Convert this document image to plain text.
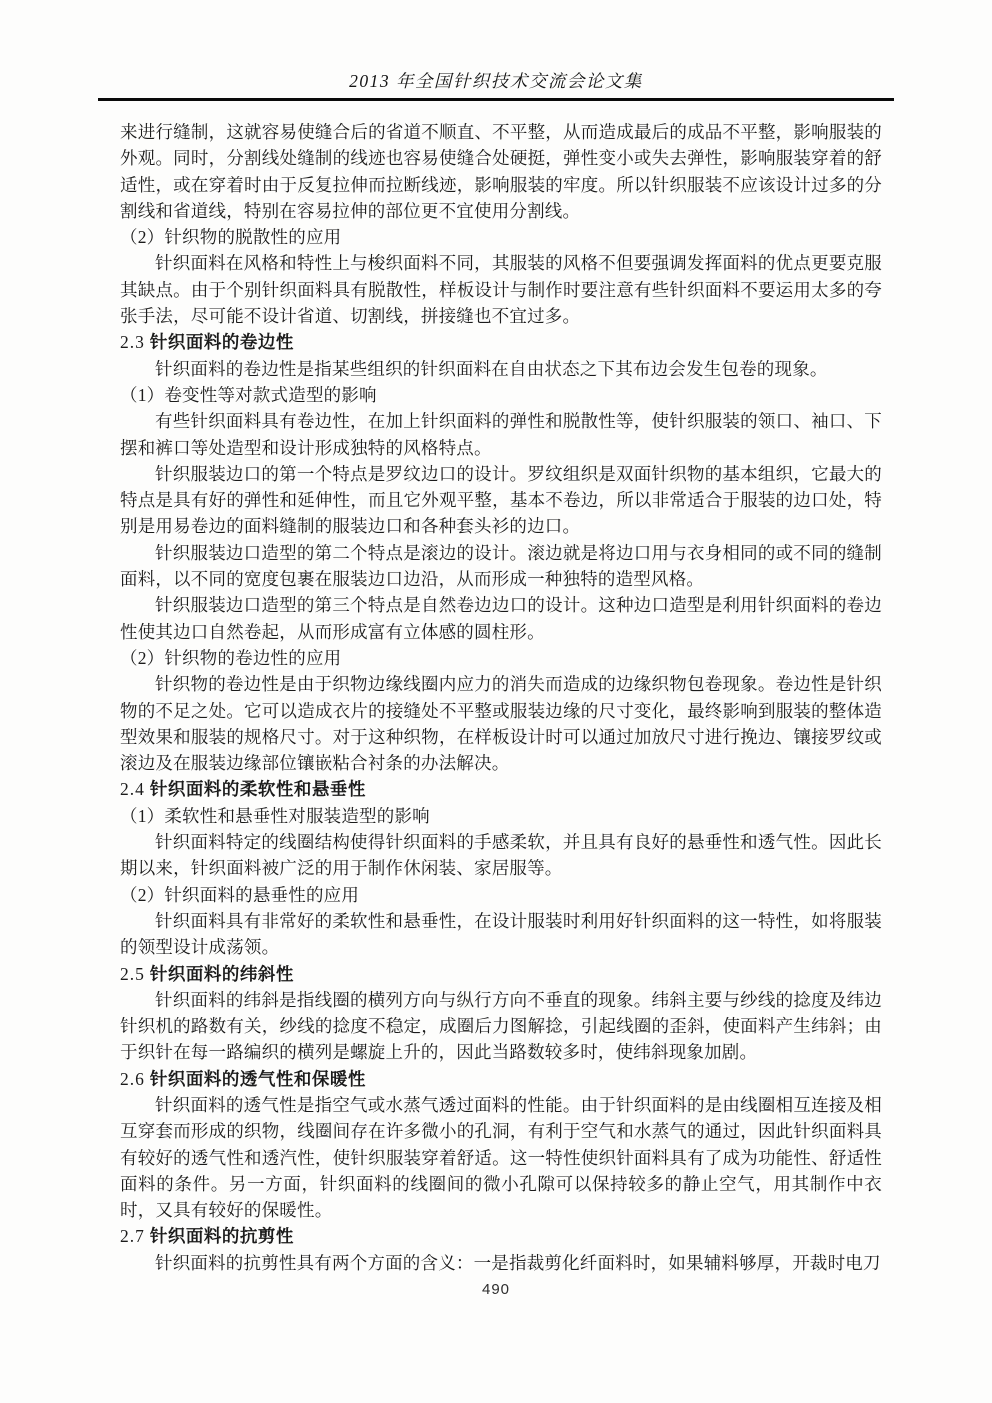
2013 年全国针织技术交流会论文集

来进行缝制，这就容易使缝合后的省道不顺直、不平整，从而造成最后的成品不平整，影响服装的外观。同时，分割线处缝制的线迹也容易使缝合处硬挺，弹性变小或失去弹性，影响服装穿着的舒适性，或在穿着时由于反复拉伸而拉断线迹，影响服装的牢度。所以针织服装不应该设计过多的分割线和省道线，特别在容易拉伸的部位更不宜使用分割线。

（2）针织物的脱散性的应用

针织面料在风格和特性上与梭织面料不同，其服装的风格不但要强调发挥面料的优点更要克服其缺点。由于个别针织面料具有脱散性，样板设计与制作时要注意有些针织面料不要运用太多的夸张手法，尽可能不设计省道、切割线，拼接缝也不宜过多。

2.3 针织面料的卷边性

针织面料的卷边性是指某些组织的针织面料在自由状态之下其布边会发生包卷的现象。

（1）卷变性等对款式造型的影响

有些针织面料具有卷边性，在加上针织面料的弹性和脱散性等，使针织服装的领口、袖口、下摆和裤口等处造型和设计形成独特的风格特点。

针织服装边口的第一个特点是罗纹边口的设计。罗纹组织是双面针织物的基本组织，它最大的特点是具有好的弹性和延伸性，而且它外观平整，基本不卷边，所以非常适合于服装的边口处，特别是用易卷边的面料缝制的服装边口和各种套头衫的边口。

针织服装边口造型的第二个特点是滚边的设计。滚边就是将边口用与衣身相同的或不同的缝制面料，以不同的宽度包裹在服装边口边沿，从而形成一种独特的造型风格。

针织服装边口造型的第三个特点是自然卷边边口的设计。这种边口造型是利用针织面料的卷边性使其边口自然卷起，从而形成富有立体感的圆柱形。

（2）针织物的卷边性的应用

针织物的卷边性是由于织物边缘线圈内应力的消失而造成的边缘织物包卷现象。卷边性是针织物的不足之处。它可以造成衣片的接缝处不平整或服装边缘的尺寸变化，最终影响到服装的整体造型效果和服装的规格尺寸。对于这种织物，在样板设计时可以通过加放尺寸进行挽边、镶接罗纹或滚边及在服装边缘部位镶嵌粘合衬条的办法解决。

2.4 针织面料的柔软性和悬垂性

（1）柔软性和悬垂性对服装造型的影响

针织面料特定的线圈结构使得针织面料的手感柔软，并且具有良好的悬垂性和透气性。因此长期以来，针织面料被广泛的用于制作休闲装、家居服等。

（2）针织面料的悬垂性的应用

针织面料具有非常好的柔软性和悬垂性，在设计服装时利用好针织面料的这一特性，如将服装的领型设计成荡领。

2.5 针织面料的纬斜性

针织面料的纬斜是指线圈的横列方向与纵行方向不垂直的现象。纬斜主要与纱线的捻度及纬边针织机的路数有关，纱线的捻度不稳定，成圈后力图解捻，引起线圈的歪斜，使面料产生纬斜；由于织针在每一路编织的横列是螺旋上升的，因此当路数较多时，使纬斜现象加剧。

2.6 针织面料的透气性和保暖性

针织面料的透气性是指空气或水蒸气透过面料的性能。由于针织面料的是由线圈相互连接及相互穿套而形成的织物，线圈间存在许多微小的孔洞，有利于空气和水蒸气的通过，因此针织面料具有较好的透气性和透汽性，使针织服装穿着舒适。这一特性使织针面料具有了成为功能性、舒适性面料的条件。另一方面，针织面料的线圈间的微小孔隙可以保持较多的静止空气，用其制作中衣时，又具有较好的保暖性。

2.7 针织面料的抗剪性

针织面料的抗剪性具有两个方面的含义：一是指裁剪化纤面料时，如果辅料够厚，开裁时电刀

490
